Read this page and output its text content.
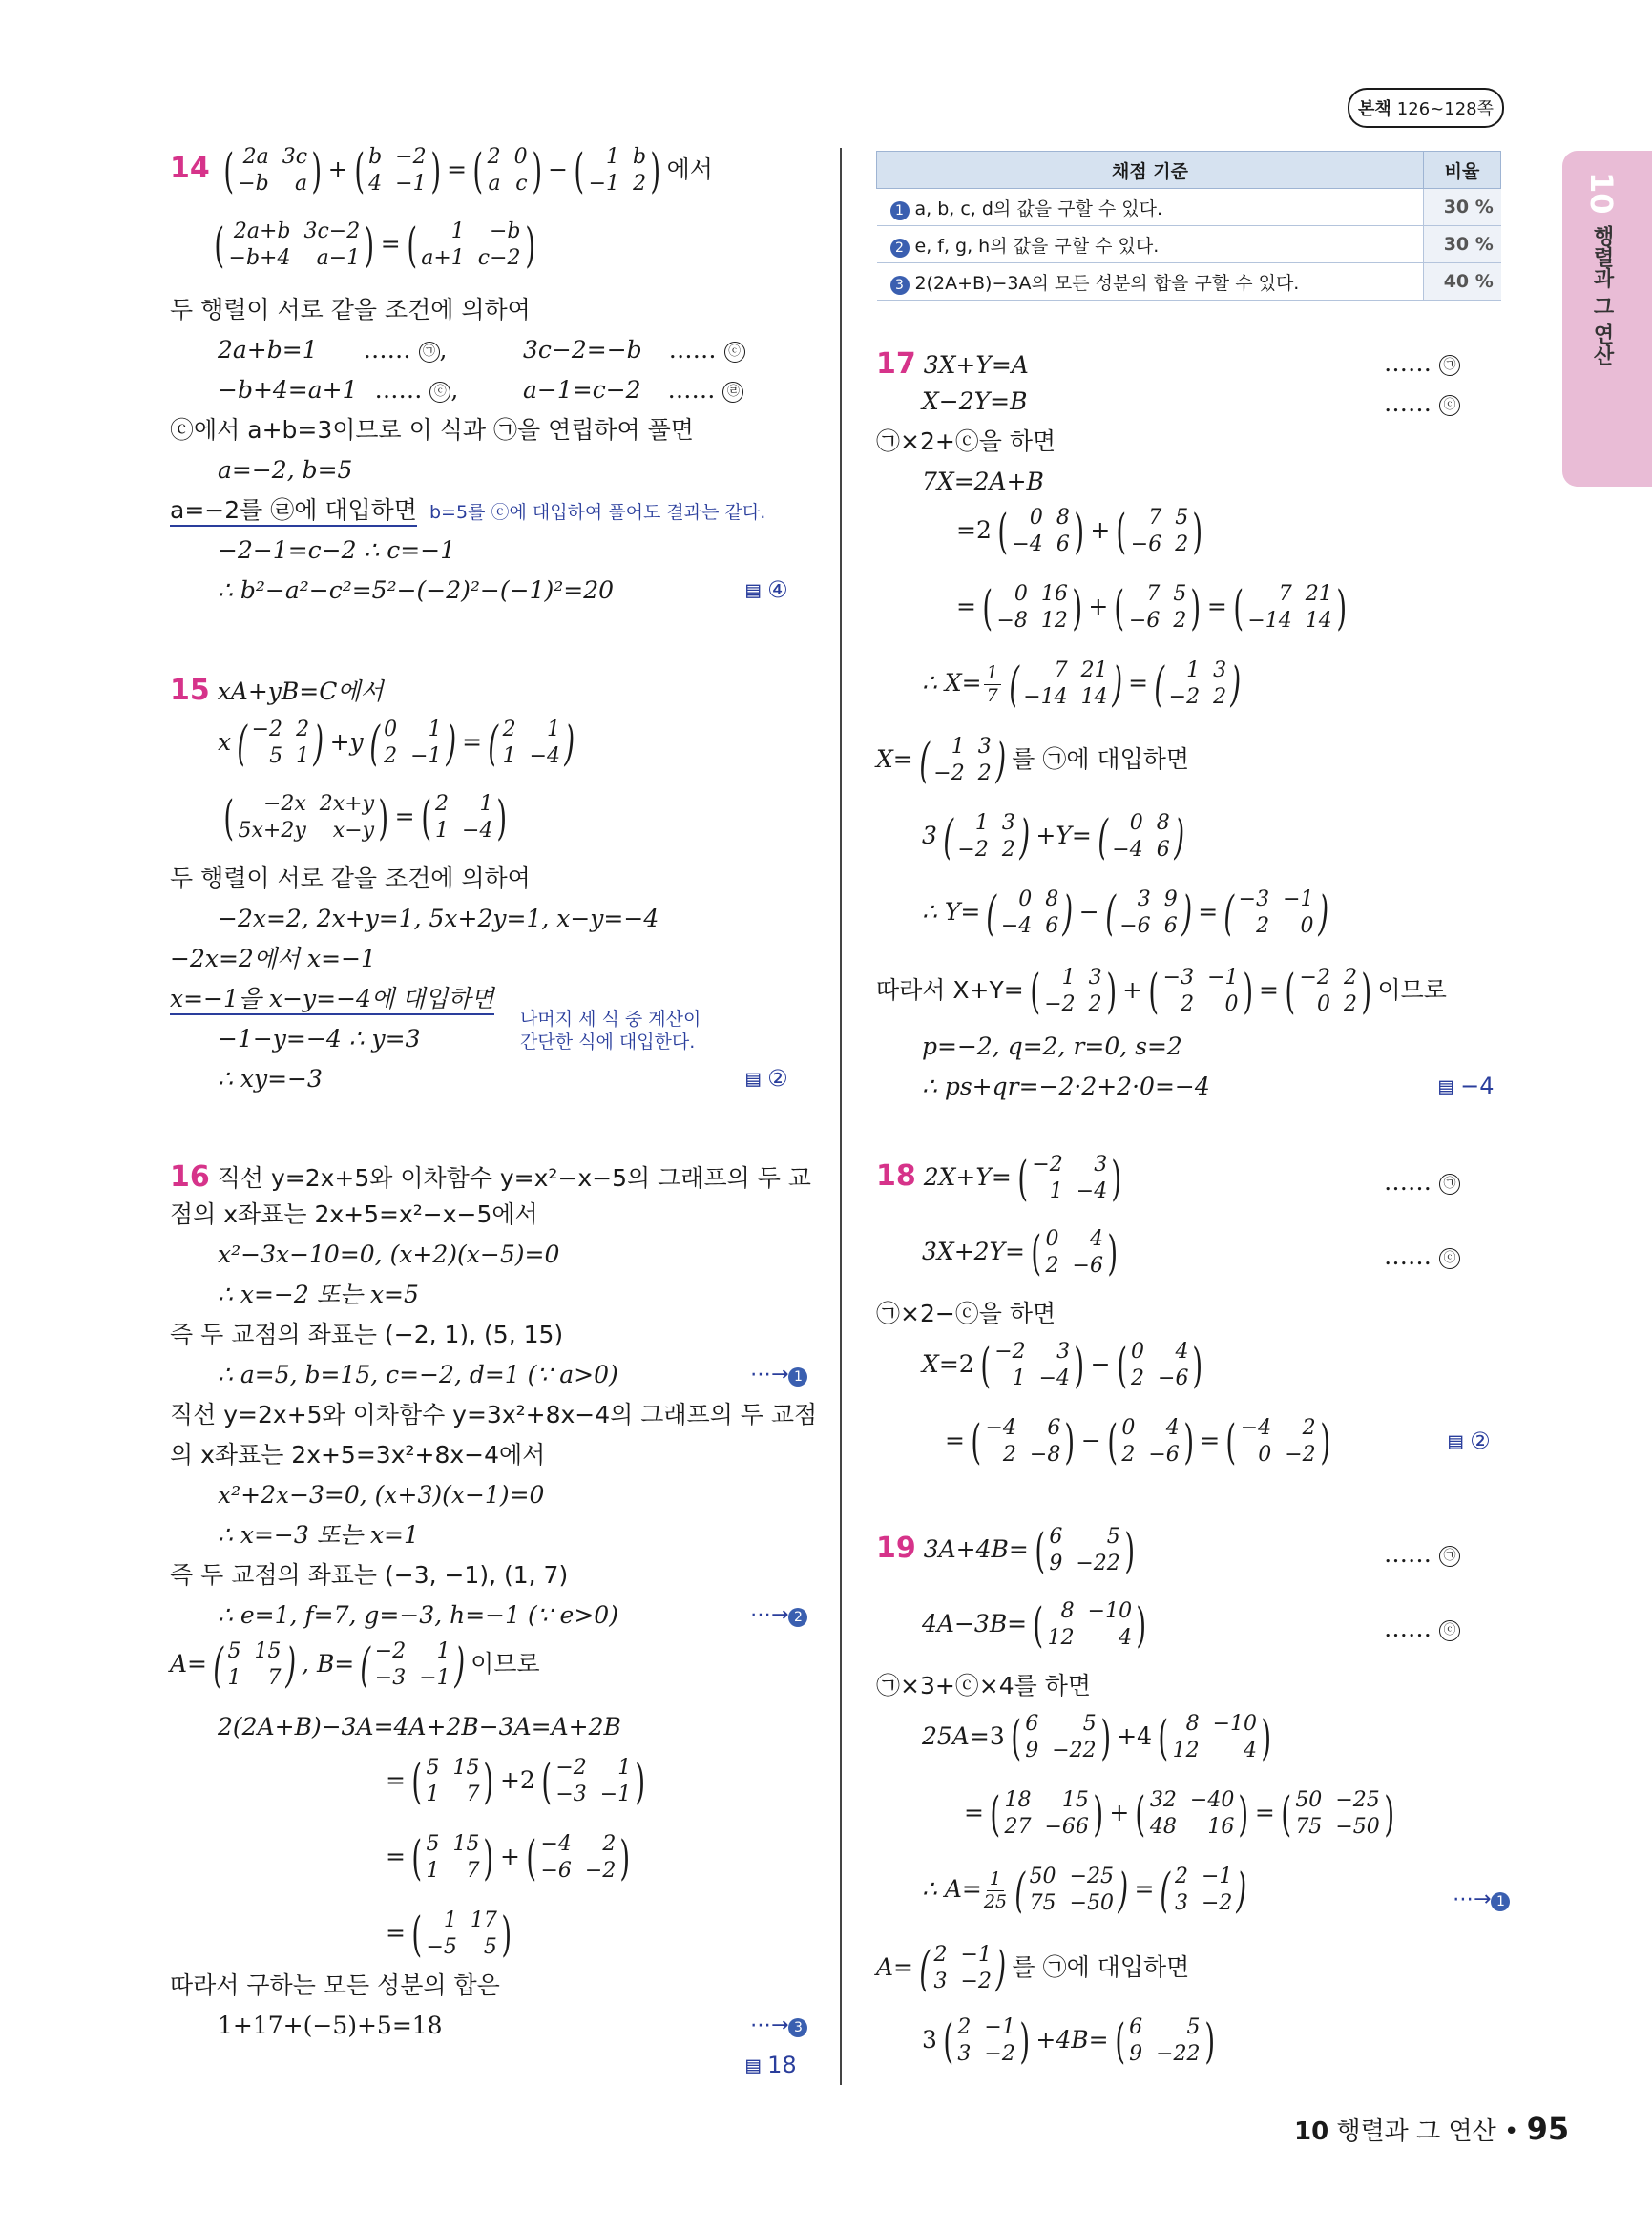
본책 126~128쪽
10
행렬과 그 연산
14 ( 2a 3c
−b	a ) + ( b −2
4 −1 ) = ( 2 0
a c ) − (	1 b
−1 2 ) 에서
( 2a+b 3c−2
−b+4	a−1 ) = (	1	−b
a+1 c−2 )
두 행렬이 서로 같을 조건에 의하여
2a+b=1 …… ㉠ ,	3c−2=−b …… ⓒ
−b+4=a+1 …… ⓒ ,	a−1=c−2 …… ㉣
ⓒ에서 a+b=3이므로 이 식과 ㉠을 연립하여 풀면
a=−2, b=5
a=−2를 ㉣에 대입하면 b=5를 ⓒ에 대입하여 풀어도 결과는 같다.
−2−1=c−2 ∴ c=−1
∴ b²−a²−c²=5²−(−2)²−(−1)²=20	▤ ④
15 xA+yB=C에서
x ( −2 2
5 1 ) +y ( 0	1
2 −1 ) = ( 2	1
1 −4 )
(	−2x 2x+y
5x+2y	x−y ) = ( 2	1
1 −4 )
두 행렬이 서로 같을 조건에 의하여
−2x=2, 2x+y=1, 5x+2y=1, x−y=−4
−2x=2에서 x=−1
x=−1을 x−y=−4에 대입하면
나머지 세 식 중 계산이
간단한 식에 대입한다.
−1−y=−4 ∴ y=3
∴ xy=−3	▤ ②
16 직선 y=2x+5와 이차함수 y=x²−x−5의 그래프의 두 교
점의 x좌표는 2x+5=x²−x−5에서
x²−3x−10=0, (x+2)(x−5)=0
∴ x=−2 또는 x=5
즉 두 교점의 좌표는 (−2, 1), (5, 15)
∴ a=5, b=15, c=−2, d=1 (∵ a>0)	⋯→ 1
직선 y=2x+5와 이차함수 y=3x²+8x−4의 그래프의 두 교점
의 x좌표는 2x+5=3x²+8x−4에서
x²+2x−3=0, (x+3)(x−1)=0
∴ x=−3 또는 x=1
즉 두 교점의 좌표는 (−3, −1), (1, 7)
∴ e=1, f=7, g=−3, h=−1 (∵ e>0)	⋯→ 2
A= ( 5 15
1	7 ) , B= ( −2	1
−3 −1 ) 이므로
2(2A+B)−3A=4A+2B−3A=A+2B
= ( 5 15
1	7 ) +2 ( −2	1
−3 −1 )
= ( 5 15
1	7 ) + ( −4	2
−6 −2 )
= (	1 17
−5	5 )
따라서 구하는 모든 성분의 합은
1+17+(−5)+5=18	⋯→ 3
▤ 18
채점 기준	비율
1 a, b, c, d의 값을 구할 수 있다.	30 %
2 e, f, g, h의 값을 구할 수 있다.	30 %
3 2(2A+B)−3A의 모든 성분의 합을 구할 수 있다.	40 %
17 3X+Y=A	…… ㉠
X−2Y=B	…… ⓒ
㉠×2+ⓒ을 하면
7X=2A+B
=2 (	0 8
−4 6 ) + (	7 5
−6 2 )
= (	0 16
−8 12 ) + (	7 5
−6 2 ) = (	7 21
−14 14 )
∴ $X= \frac{1}{7}$ (	7 21
−14 14 ) = (	1 3
−2 2 )
X= (	1 3
−2 2 ) 를 ㉠에 대입하면
3 (	1 3
−2 2 ) +Y= (	0 8
−4 6 )
∴ Y= (	0 8
−4 6 ) − (	3 9
−6 6 ) = ( −3 −1
2	0 )
따라서 X+Y= (	1 3
−2 2 ) + ( −3 −1
2	0 ) = ( −2 2
0 2 ) 이므로
p=−2, q=2, r=0, s=2
∴ ps+qr=−2·2+2·0=−4	▤ −4
18 2X+Y= ( −2	3
1 −4 )	…… ㉠
3X+2Y= ( 0	4
2 −6 )	…… ⓒ
㉠×2−ⓒ을 하면
X=2 ( −2	3
1 −4 ) − ( 0	4
2 −6 )
= ( −4	6
2 −8 ) − ( 0	4
2 −6 ) = ( −4	2
0 −2 )	▤ ②
19 3A+4B= ( 6	5
9 −22 )	…… ㉠
4A−3B= ( 8 −10
12	4 )	…… ⓒ
㉠×3+ⓒ×4를 하면
25A=3 ( 6	5
9 −22 ) +4 ( 8 −10
12	4 )
= ( 18	15
27 −66 ) + ( 32 −40
48	16 ) = ( 50 −25
75 −50 )
∴ $A= \frac{1}{25}$ ( 50 −25
75 −50 ) = ( 2 −1
3 −2 )	⋯→ 1
A= ( 2 −1
3 −2 ) 를 ㉠에 대입하면
3 ( 2 −1
3 −2 ) +4B= ( 6	5
9 −22 )
10 행렬과 그 연산 • 95
